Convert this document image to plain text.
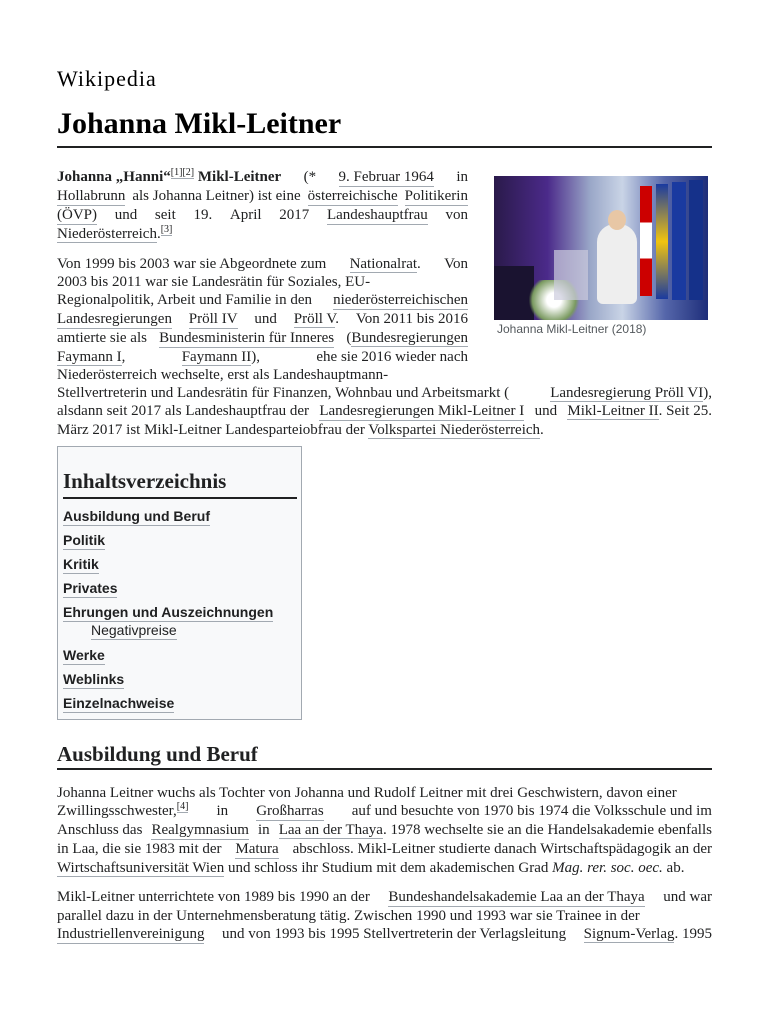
Wikipedia
Johanna Mikl-Leitner
Johanna „Hanni“[1][2] Mikl-Leitner (* 9. Februar 1964 in
Hollabrunn als Johanna Leitner) ist eine österreichische Politikerin
(ÖVP) und seit 19. April 2017 Landeshauptfrau von
Niederösterreich.[3]
Johanna Mikl-Leitner (2018)
Von 1999 bis 2003 war sie Abgeordnete zum Nationalrat. Von
2003 bis 2011 war sie Landesrätin für Soziales, EU-
Regionalpolitik, Arbeit und Familie in den niederösterreichischen
Landesregierungen Pröll IV und Pröll V. Von 2011 bis 2016
amtierte sie als Bundesministerin für Inneres (Bundesregierungen
Faymann I,	Faymann II),	ehe sie 2016 wieder nach
Niederösterreich wechselte, erst als Landeshauptmann-
Stellvertreterin und Landesrätin für Finanzen, Wohnbau und Arbeitsmarkt (	Landesregierung Pröll VI),
alsdann seit 2017 als Landeshauptfrau der Landesregierungen Mikl-Leitner I und Mikl-Leitner II. Seit 25.
März 2017 ist Mikl-Leitner Landesparteiobfrau der Volkspartei Niederösterreich.
Inhaltsverzeichnis
Ausbildung und Beruf
Politik
Kritik
Privates
Ehrungen und Auszeichnungen
Negativpreise
Werke
Weblinks
Einzelnachweise
Ausbildung und Beruf
Johanna Leitner wuchs als Tochter von Johanna und Rudolf Leitner mit drei Geschwistern, davon einer
Zwillingsschwester,[4] in Großharras auf und besuchte von 1970 bis 1974 die Volksschule und im
Anschluss das Realgymnasium in Laa an der Thaya. 1978 wechselte sie an die Handelsakademie ebenfalls
in Laa, die sie 1983 mit der Matura abschloss. Mikl-Leitner studierte danach Wirtschaftspädagogik an der
Wirtschaftsuniversität Wien und schloss ihr Studium mit dem akademischen Grad Mag. rer. soc. oec. ab.
Mikl-Leitner unterrichtete von 1989 bis 1990 an der Bundeshandelsakademie Laa an der Thaya und war
parallel dazu in der Unternehmensberatung tätig. Zwischen 1990 und 1993 war sie Trainee in der
Industriellenvereinigung und von 1993 bis 1995 Stellvertreterin der Verlagsleitung Signum-Verlag. 1995
